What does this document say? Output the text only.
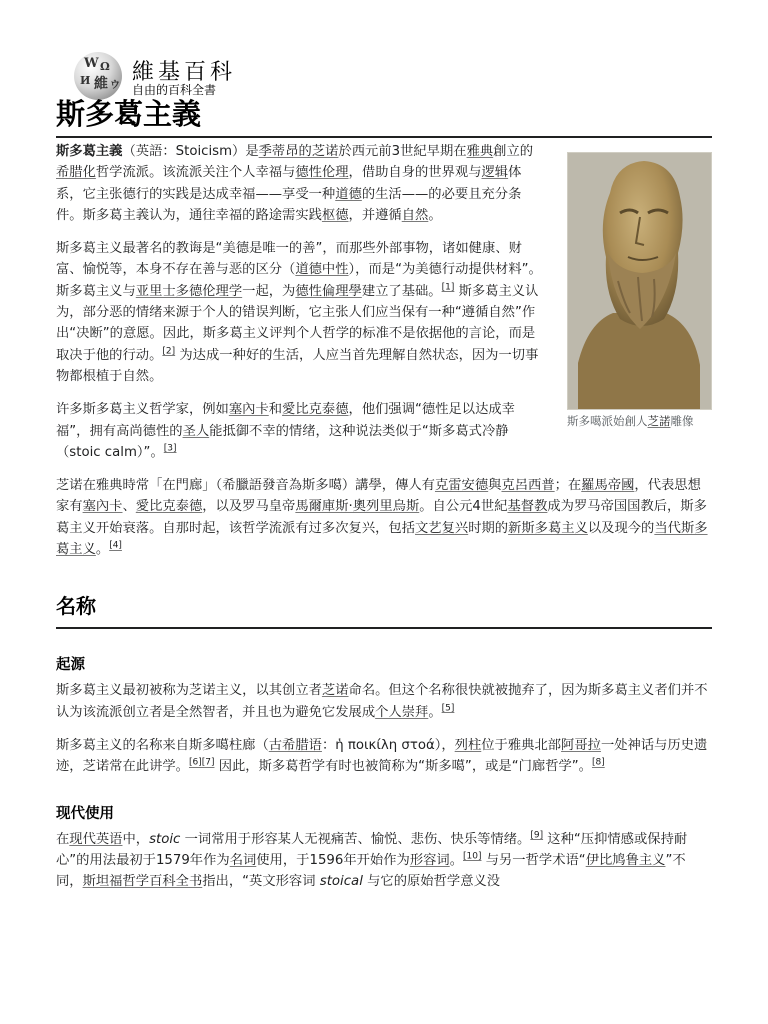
W Ω
И 維 ウ
維基百科
自由的百科全書
斯多葛主義
斯多噶派始創人芝諾雕像

斯多葛主義（英語：Stoicism）是季蒂昂的芝诺於西元前3世紀早期在雅典創立的希腊化哲学流派。该流派关注个人幸福与德性伦理，借助自身的世界观与逻辑体系，它主张德行的实践是达成幸福——享受一种道德的生活——的必要且充分条件。斯多葛主義认为，通往幸福的路途需实践枢德，并遵循自然。

斯多葛主义最著名的教诲是“美德是唯一的善”，而那些外部事物，诸如健康、财富、愉悦等，本身不存在善与恶的区分（道德中性），而是“为美德行动提供材料”。斯多葛主义与亚里士多德伦理学一起，为德性倫理學建立了基础。[1] 斯多葛主义认为，部分恶的情绪来源于个人的错误判断，它主张人们应当保有一种“遵循自然”作出“决断”的意愿。因此，斯多葛主义评判个人哲学的标准不是依据他的言论，而是取决于他的行动。[2] 为达成一种好的生活，人应当首先理解自然状态，因为一切事物都根植于自然。

许多斯多葛主义哲学家，例如塞內卡和愛比克泰德，他们强调“德性足以达成幸福”，拥有高尚德性的圣人能抵御不幸的情绪，这种说法类似于“斯多葛式冷静（stoic calm）”。[3]

芝诺在雅典時常「在門廊」（希臘語發音為斯多噶）講學，傳人有克雷安德與克呂西普；在羅馬帝國，代表思想家有塞內卡、愛比克泰德，以及罗马皇帝馬爾庫斯·奧列里烏斯。自公元4世紀基督教成为罗马帝国国教后，斯多葛主义开始衰落。自那时起，该哲学流派有过多次复兴，包括文艺复兴时期的新斯多葛主义以及现今的当代斯多葛主义。[4]

名称
起源

斯多葛主义最初被称为芝诺主义，以其创立者芝诺命名。但这个名称很快就被抛弃了，因为斯多葛主义者们并不认为该流派创立者是全然智者，并且也为避免它发展成个人崇拜。[5]

斯多葛主义的名称来自斯多噶柱廊（古希腊语：ἡ ποικίλη στοά），列柱位于雅典北部阿哥拉一处神话与历史遗迹，芝诺常在此讲学。[6][7] 因此，斯多葛哲学有时也被简称为“斯多噶”，或是“门廊哲学”。[8]

现代使用

在现代英语中，stoic 一词常用于形容某人无视痛苦、愉悦、悲伤、快乐等情绪。[9] 这种“压抑情感或保持耐心”的用法最初于1579年作为名词使用，于1596年开始作为形容词。[10] 与另一哲学术语“伊比鸠鲁主义”不同，斯坦福哲学百科全书指出，“英文形容词 stoical 与它的原始哲学意义没
